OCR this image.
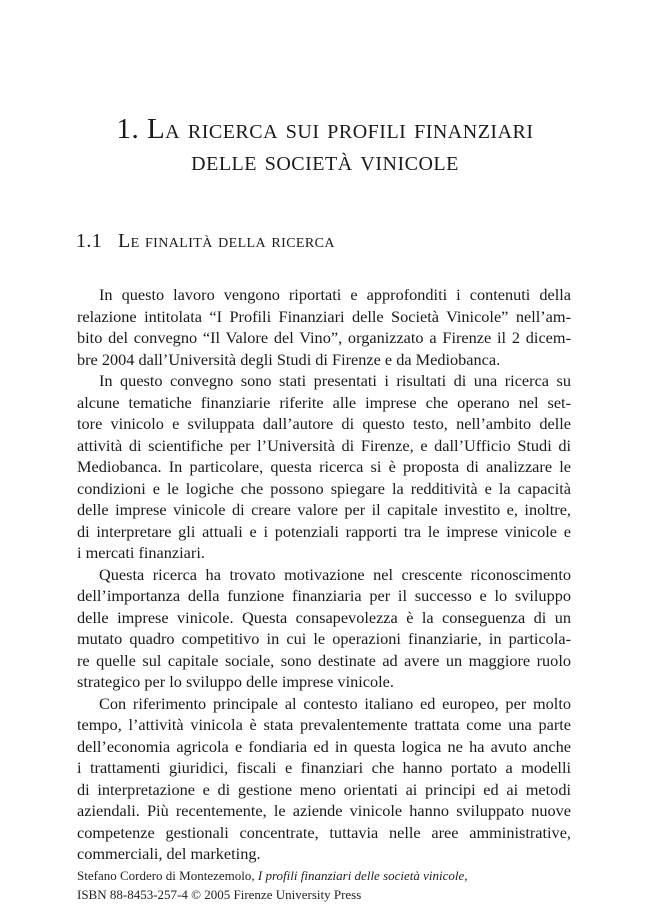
1. La ricerca sui profili finanziari
delle società vinicole
1.1 Le finalità della ricerca
In questo lavoro vengono riportati e approfonditi i contenuti della
relazione intitolata “I Profili Finanziari delle Società Vinicole” nell’am-
bito del convegno “Il Valore del Vino”, organizzato a Firenze il 2 dicem-
bre 2004 dall’Università degli Studi di Firenze e da Mediobanca.
In questo convegno sono stati presentati i risultati di una ricerca su
alcune tematiche finanziarie riferite alle imprese che operano nel set-
tore vinicolo e sviluppata dall’autore di questo testo, nell’ambito delle
attività di scientifiche per l’Università di Firenze, e dall’Ufficio Studi di
Mediobanca. In particolare, questa ricerca si è proposta di analizzare le
condizioni e le logiche che possono spiegare la redditività e la capacità
delle imprese vinicole di creare valore per il capitale investito e, inoltre,
di interpretare gli attuali e i potenziali rapporti tra le imprese vinicole e
i mercati finanziari.
Questa ricerca ha trovato motivazione nel crescente riconoscimento
dell’importanza della funzione finanziaria per il successo e lo sviluppo
delle imprese vinicole. Questa consapevolezza è la conseguenza di un
mutato quadro competitivo in cui le operazioni finanziarie, in particola-
re quelle sul capitale sociale, sono destinate ad avere un maggiore ruolo
strategico per lo sviluppo delle imprese vinicole.
Con riferimento principale al contesto italiano ed europeo, per molto
tempo, l’attività vinicola è stata prevalentemente trattata come una parte
dell’economia agricola e fondiaria ed in questa logica ne ha avuto anche
i trattamenti giuridici, fiscali e finanziari che hanno portato a modelli
di interpretazione e di gestione meno orientati ai principi ed ai metodi
aziendali. Più recentemente, le aziende vinicole hanno sviluppato nuove
competenze gestionali concentrate, tuttavia nelle aree amministrative,
commerciali, del marketing.
Stefano Cordero di Montezemolo, I profili finanziari delle società vinicole,
ISBN 88-8453-257-4 © 2005 Firenze University Press
